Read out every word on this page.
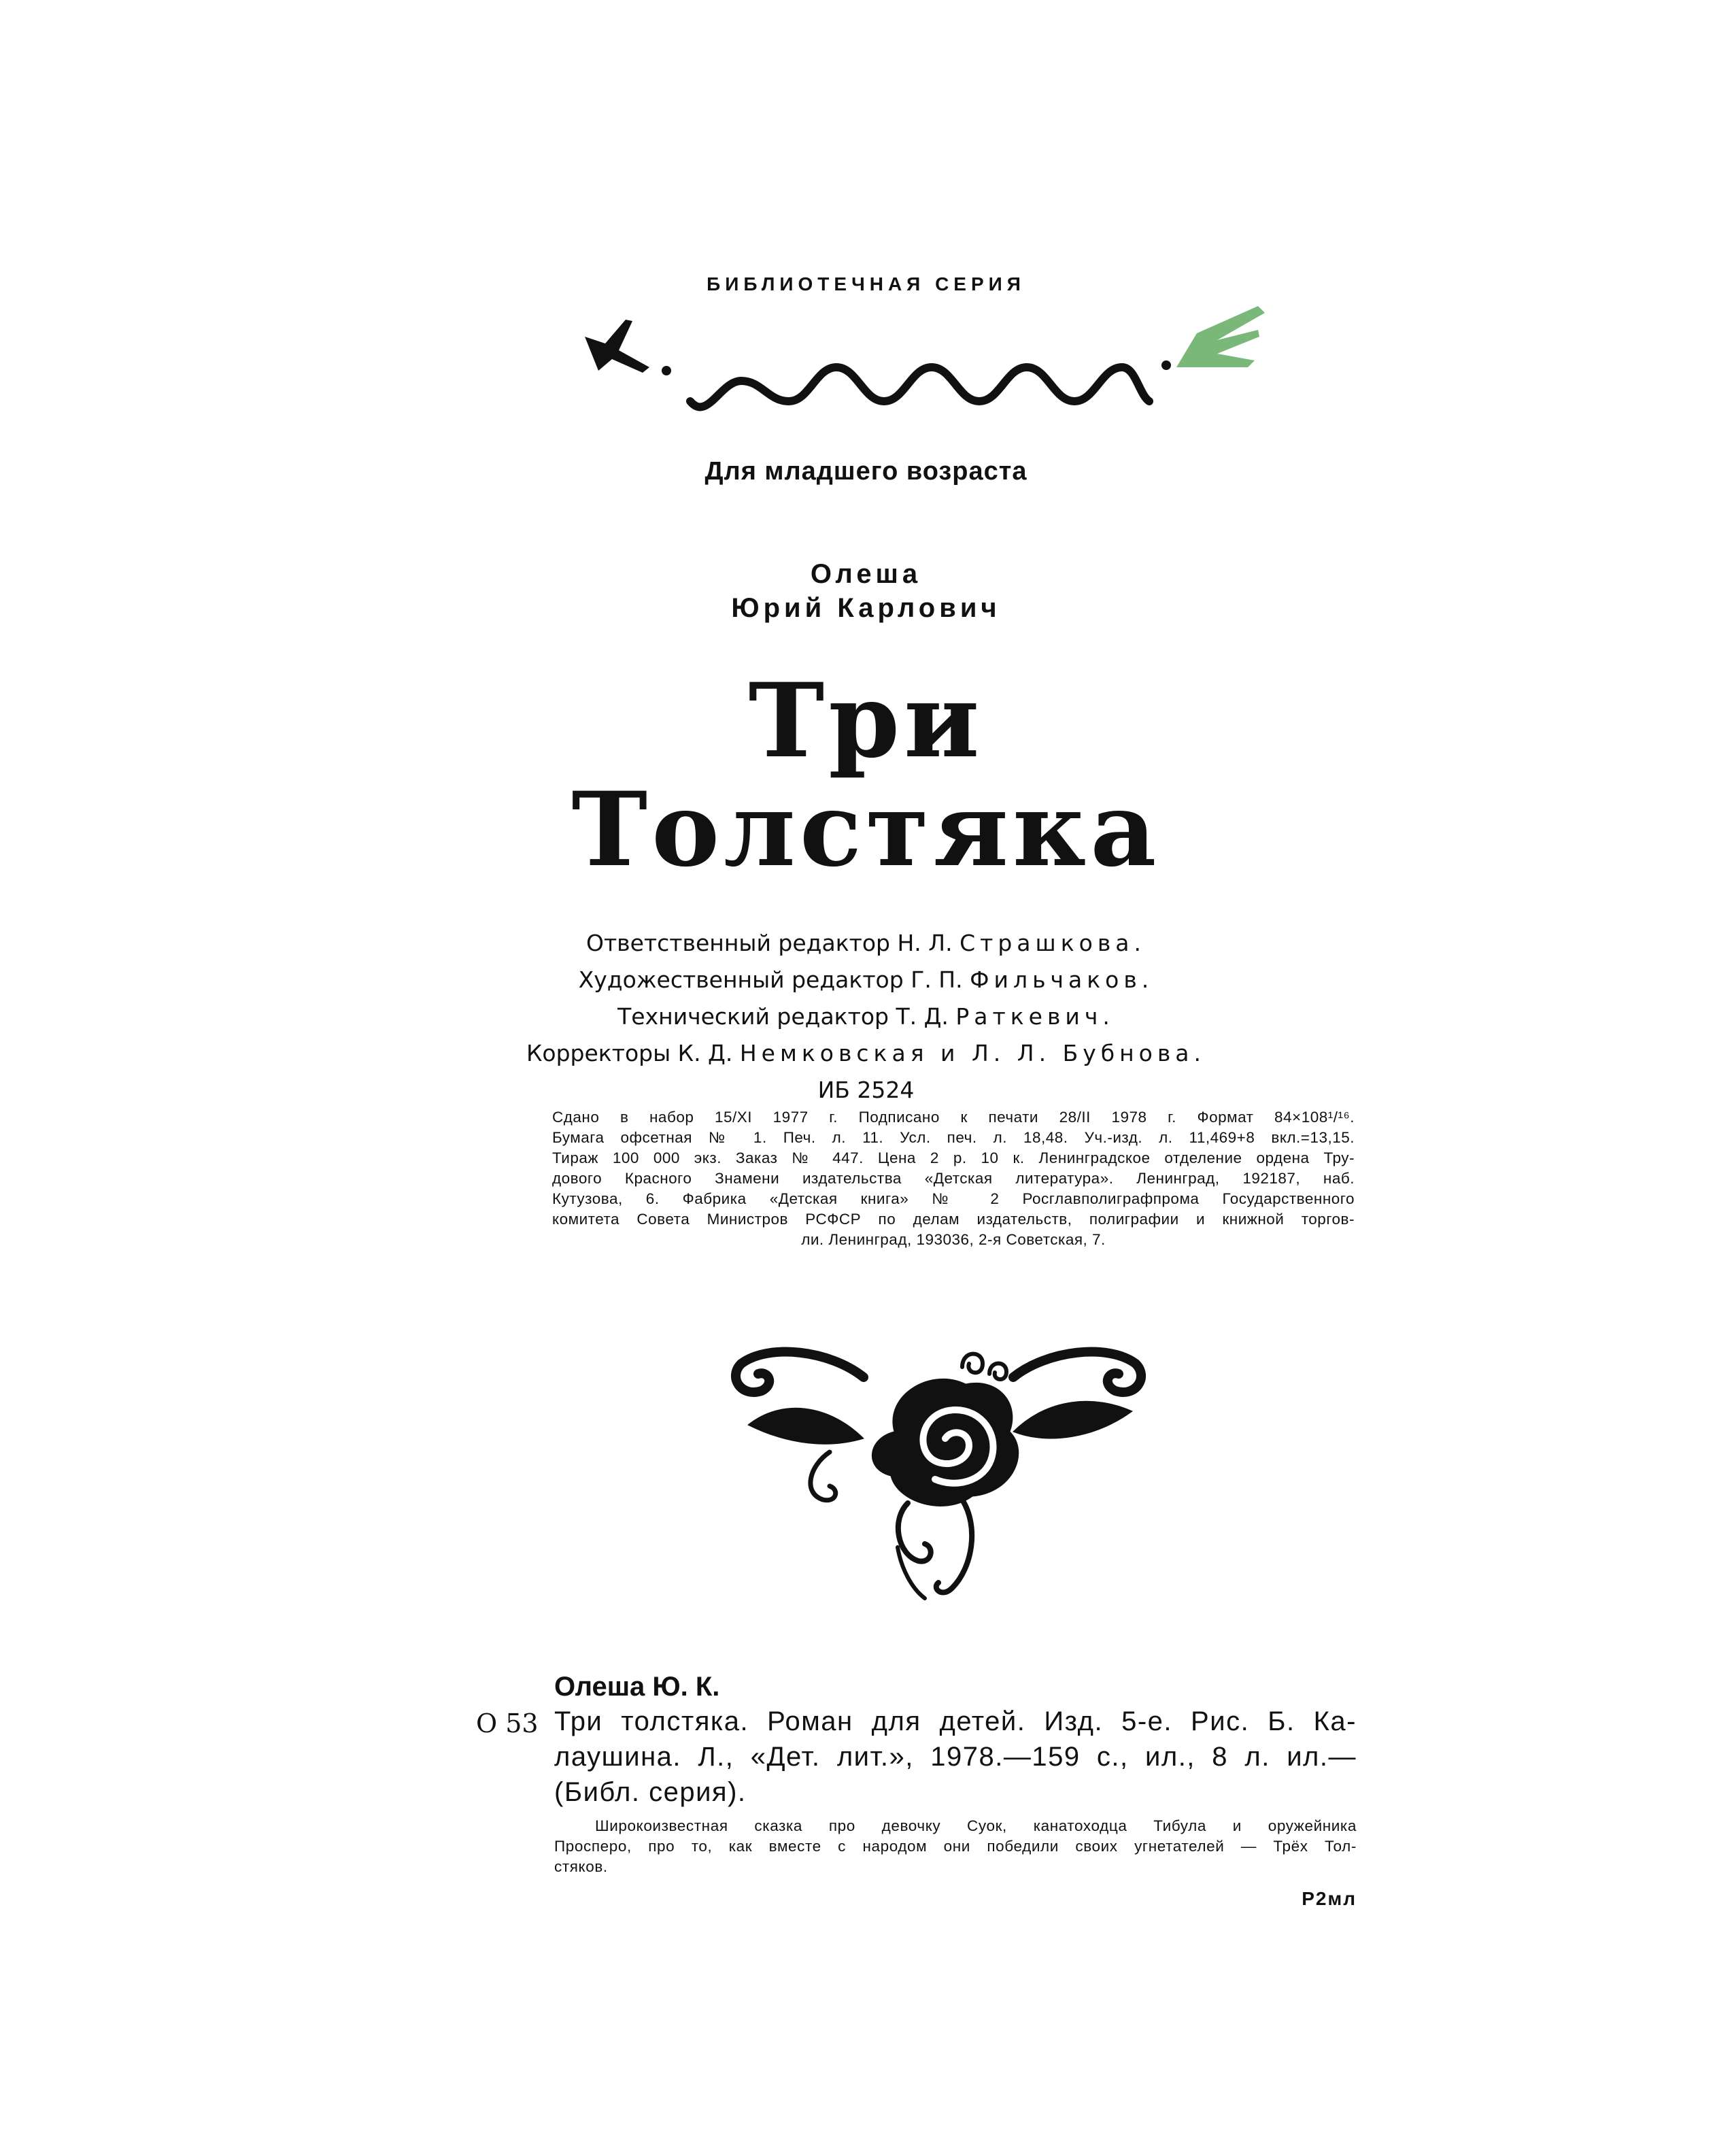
БИБЛИОТЕЧНАЯ СЕРИЯ
Для младшего возраста
Олеша
Юрий Карлович
Три
Толстяка
Ответственный редактор Н. Л. Страшкова.
Художественный редактор Г. П. Фильчаков.
Технический редактор Т. Д. Раткевич.
Корректоры К. Д. Немковская и Л. Л. Бубнова.
ИБ 2524
Сдано в набор 15/XI 1977 г. Подписано к печати 28/II 1978 г. Формат 84×108¹/¹⁶.
Бумага офсетная № 1. Печ. л. 11. Усл. печ. л. 18,48. Уч.-изд. л. 11,469+8 вкл.=13,15.
Тираж 100 000 экз. Заказ № 447. Цена 2 р. 10 к. Ленинградское отделение ордена Тру-
дового Красного Знамени издательства «Детская литература». Ленинград, 192187, наб.
Кутузова, 6. Фабрика «Детская книга» № 2 Росглавполиграфпрома Государственного
комитета Совета Министров РСФСР по делам издательств, полиграфии и книжной торгов-
ли. Ленинград, 193036, 2-я Советская, 7.
Олеша Ю. К.
О 53 Три толстяка. Роман для детей. Изд. 5-е. Рис. Б. Ка-
лаушина. Л., «Дет. лит.», 1978.—159 с., ил., 8 л. ил.—
(Библ. серия).
Широкоизвестная сказка про девочку Суок, канатоходца Тибула и оружейника
Просперо, про то, как вместе с народом они победили своих угнетателей — Трёх Тол-
стяков.
Р2мл
